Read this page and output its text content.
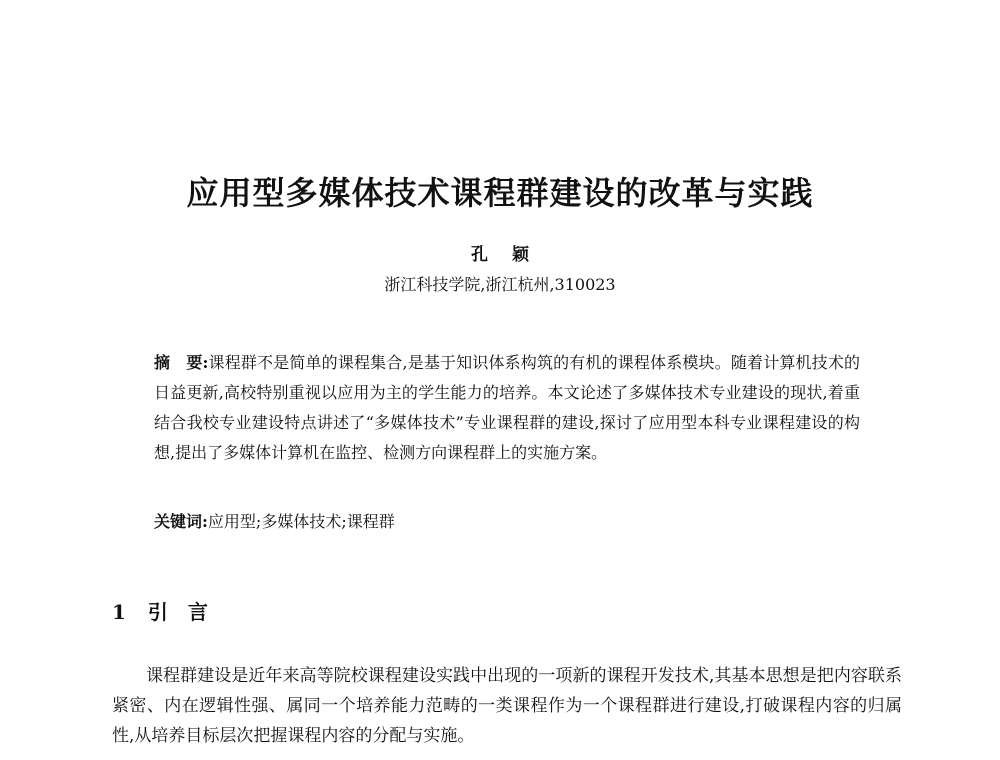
应用型多媒体技术课程群建设的改革与实践
孔 颖
浙江科技学院,浙江杭州,310023
摘　要:课程群不是简单的课程集合,是基于知识体系构筑的有机的课程体系模块。随着计算机技术的日益更新,高校特别重视以应用为主的学生能力的培养。本文论述了多媒体技术专业建设的现状,着重结合我校专业建设特点讲述了“多媒体技术”专业课程群的建设,探讨了应用型本科专业课程建设的构想,提出了多媒体计算机在监控、检测方向课程群上的实施方案。
关键词:应用型;多媒体技术;课程群
1 引　言
课程群建设是近年来高等院校课程建设实践中出现的一项新的课程开发技术,其基本思想是把内容联系紧密、内在逻辑性强、属同一个培养能力范畴的一类课程作为一个课程群进行建设,打破课程内容的归属性,从培养目标层次把握课程内容的分配与实施。
